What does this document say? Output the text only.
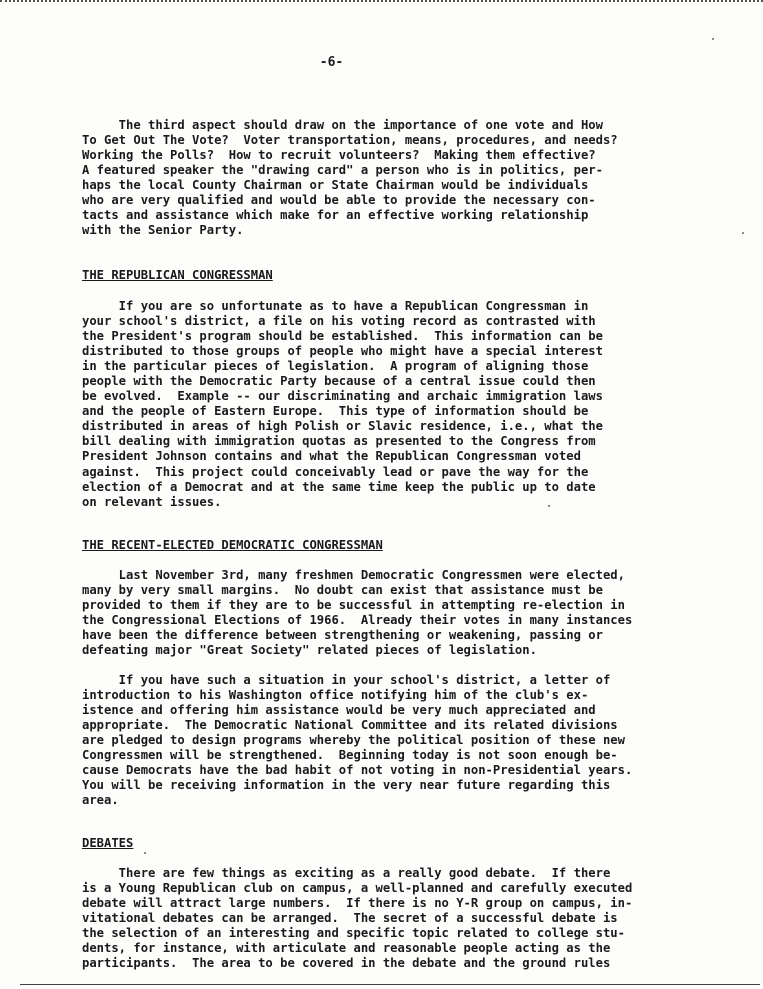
-6-
The third aspect should draw on the importance of one vote and How
To Get Out The Vote?  Voter transportation, means, procedures, and needs?
Working the Polls?  How to recruit volunteers?  Making them effective?
A featured speaker the "drawing card" a person who is in politics, per-
haps the local County Chairman or State Chairman would be individuals
who are very qualified and would be able to provide the necessary con-
tacts and assistance which make for an effective working relationship
with the Senior Party.
THE REPUBLICAN CONGRESSMAN
If you are so unfortunate as to have a Republican Congressman in
your school's district, a file on his voting record as contrasted with
the President's program should be established.  This information can be
distributed to those groups of people who might have a special interest
in the particular pieces of legislation.  A program of aligning those
people with the Democratic Party because of a central issue could then
be evolved.  Example -- our discriminating and archaic immigration laws
and the people of Eastern Europe.  This type of information should be
distributed in areas of high Polish or Slavic residence, i.e., what the
bill dealing with immigration quotas as presented to the Congress from
President Johnson contains and what the Republican Congressman voted
against.  This project could conceivably lead or pave the way for the
election of a Democrat and at the same time keep the public up to date
on relevant issues.
THE RECENT-ELECTED DEMOCRATIC CONGRESSMAN
Last November 3rd, many freshmen Democratic Congressmen were elected,
many by very small margins.  No doubt can exist that assistance must be
provided to them if they are to be successful in attempting re-election in
the Congressional Elections of 1966.  Already their votes in many instances
have been the difference between strengthening or weakening, passing or
defeating major "Great Society" related pieces of legislation.
If you have such a situation in your school's district, a letter of
introduction to his Washington office notifying him of the club's ex-
istence and offering him assistance would be very much appreciated and
appropriate.  The Democratic National Committee and its related divisions
are pledged to design programs whereby the political position of these new
Congressmen will be strengthened.  Beginning today is not soon enough be-
cause Democrats have the bad habit of not voting in non-Presidential years.
You will be receiving information in the very near future regarding this
area.
DEBATES
There are few things as exciting as a really good debate.  If there
is a Young Republican club on campus, a well-planned and carefully executed
debate will attract large numbers.  If there is no Y-R group on campus, in-
vitational debates can be arranged.  The secret of a successful debate is
the selection of an interesting and specific topic related to college stu-
dents, for instance, with articulate and reasonable people acting as the
participants.  The area to be covered in the debate and the ground rules
